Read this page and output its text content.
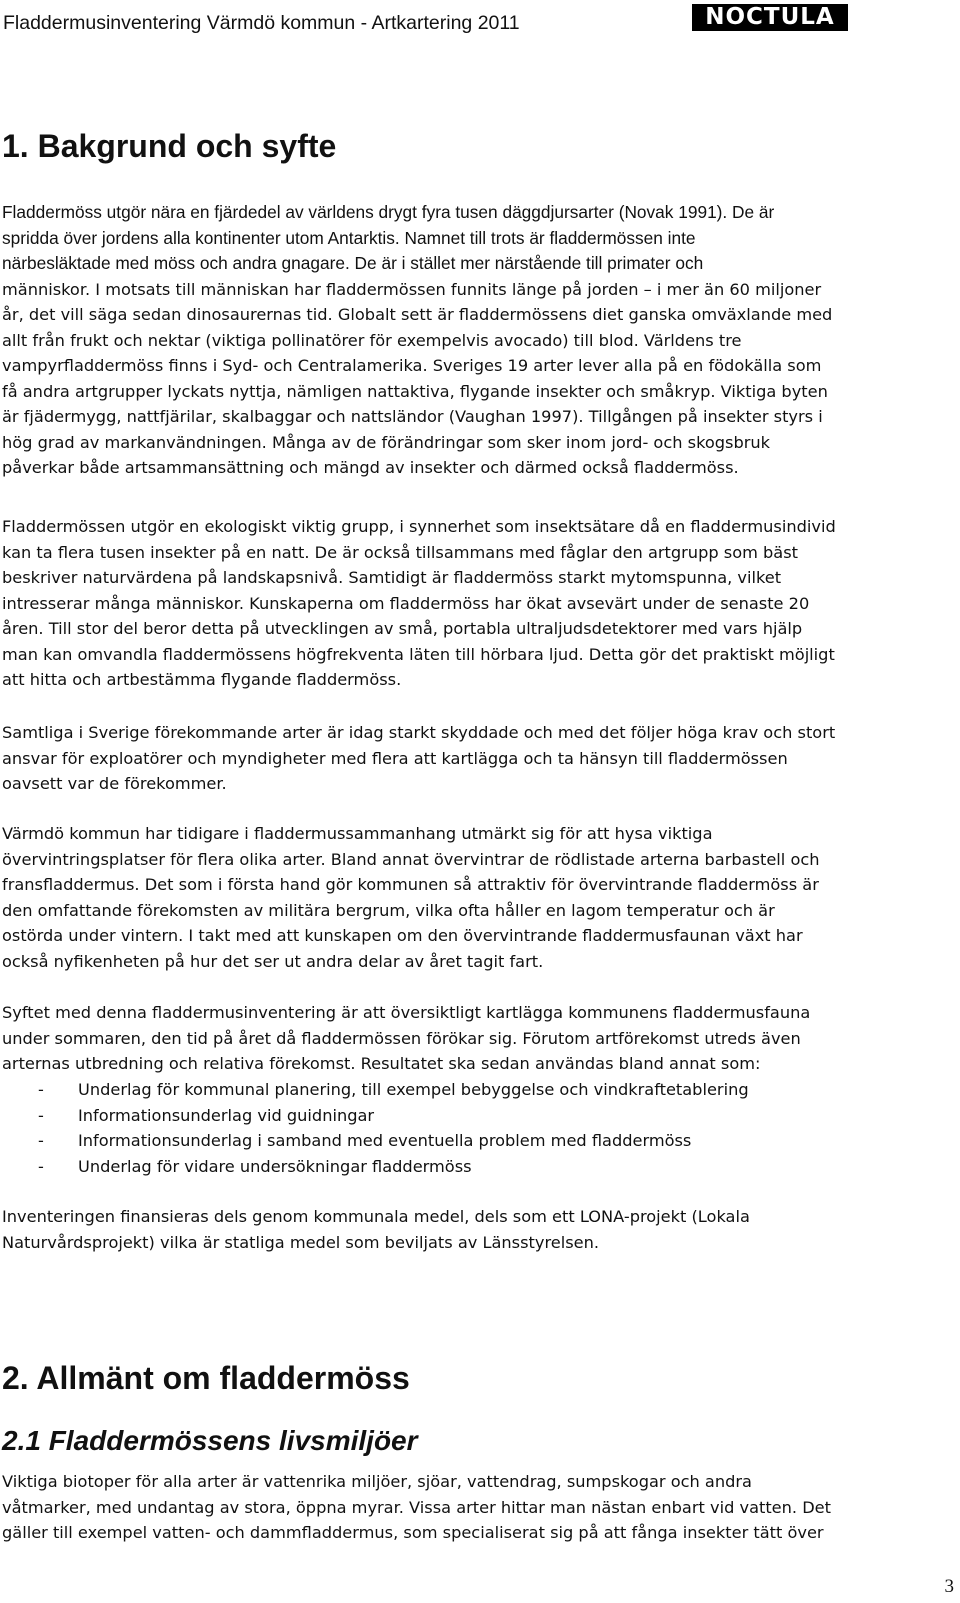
Fladdermusinventering Värmdö kommun - Artkartering 2011	NOCTULA
1. Bakgrund och syfte
Fladdermöss utgör nära en fjärdedel av världens drygt fyra tusen däggdjursarter (Novak 1991). De är
spridda över jordens alla kontinenter utom Antarktis. Namnet till trots är fladdermössen inte
närbesläktade med möss och andra gnagare. De är i stället mer närstående till primater och
människor. I motsats till människan har fladdermössen funnits länge på jorden – i mer än 60 miljoner
år, det vill säga sedan dinosaurernas tid. Globalt sett är fladdermössens diet ganska omväxlande med
allt från frukt och nektar (viktiga pollinatörer för exempelvis avocado) till blod. Världens tre
vampyrfladdermöss finns i Syd- och Centralamerika. Sveriges 19 arter lever alla på en födokälla som
få andra artgrupper lyckats nyttja, nämligen nattaktiva, flygande insekter och småkryp. Viktiga byten
är fjädermygg, nattfjärilar, skalbaggar och nattsländor (Vaughan 1997). Tillgången på insekter styrs i
hög grad av markanvändningen. Många av de förändringar som sker inom jord- och skogsbruk
påverkar både artsammansättning och mängd av insekter och därmed också fladdermöss.
Fladdermössen utgör en ekologiskt viktig grupp, i synnerhet som insektsätare då en fladdermusindivid
kan ta flera tusen insekter på en natt. De är också tillsammans med fåglar den artgrupp som bäst
beskriver naturvärdena på landskapsnivå. Samtidigt är fladdermöss starkt mytomspunna, vilket
intresserar många människor. Kunskaperna om fladdermöss har ökat avsevärt under de senaste 20
åren. Till stor del beror detta på utvecklingen av små, portabla ultraljudsdetektorer med vars hjälp
man kan omvandla fladdermössens högfrekventa läten till hörbara ljud. Detta gör det praktiskt möjligt
att hitta och artbestämma flygande fladdermöss.
Samtliga i Sverige förekommande arter är idag starkt skyddade och med det följer höga krav och stort
ansvar för exploatörer och myndigheter med flera att kartlägga och ta hänsyn till fladdermössen
oavsett var de förekommer.
Värmdö kommun har tidigare i fladdermussammanhang utmärkt sig för att hysa viktiga
övervintringsplatser för flera olika arter. Bland annat övervintrar de rödlistade arterna barbastell och
fransfladdermus. Det som i första hand gör kommunen så attraktiv för övervintrande fladdermöss är
den omfattande förekomsten av militära bergrum, vilka ofta håller en lagom temperatur och är
ostörda under vintern. I takt med att kunskapen om den övervintrande fladdermusfaunan växt har
också nyfikenheten på hur det ser ut andra delar av året tagit fart.
Syftet med denna fladdermusinventering är att översiktligt kartlägga kommunens fladdermusfauna
under sommaren, den tid på året då fladdermössen förökar sig. Förutom artförekomst utreds även
arternas utbredning och relativa förekomst. Resultatet ska sedan användas bland annat som:
-	Underlag för kommunal planering, till exempel bebyggelse och vindkraftetablering
-	Informationsunderlag vid guidningar
-	Informationsunderlag i samband med eventuella problem med fladdermöss
-	Underlag för vidare undersökningar fladdermöss
Inventeringen finansieras dels genom kommunala medel, dels som ett LONA-projekt (Lokala
Naturvårdsprojekt) vilka är statliga medel som beviljats av Länsstyrelsen.
2. Allmänt om fladdermöss
2.1 Fladdermössens livsmiljöer
Viktiga biotoper för alla arter är vattenrika miljöer, sjöar, vattendrag, sumpskogar och andra
våtmarker, med undantag av stora, öppna myrar. Vissa arter hittar man nästan enbart vid vatten. Det
gäller till exempel vatten- och dammfladdermus, som specialiserat sig på att fånga insekter tätt över
3
